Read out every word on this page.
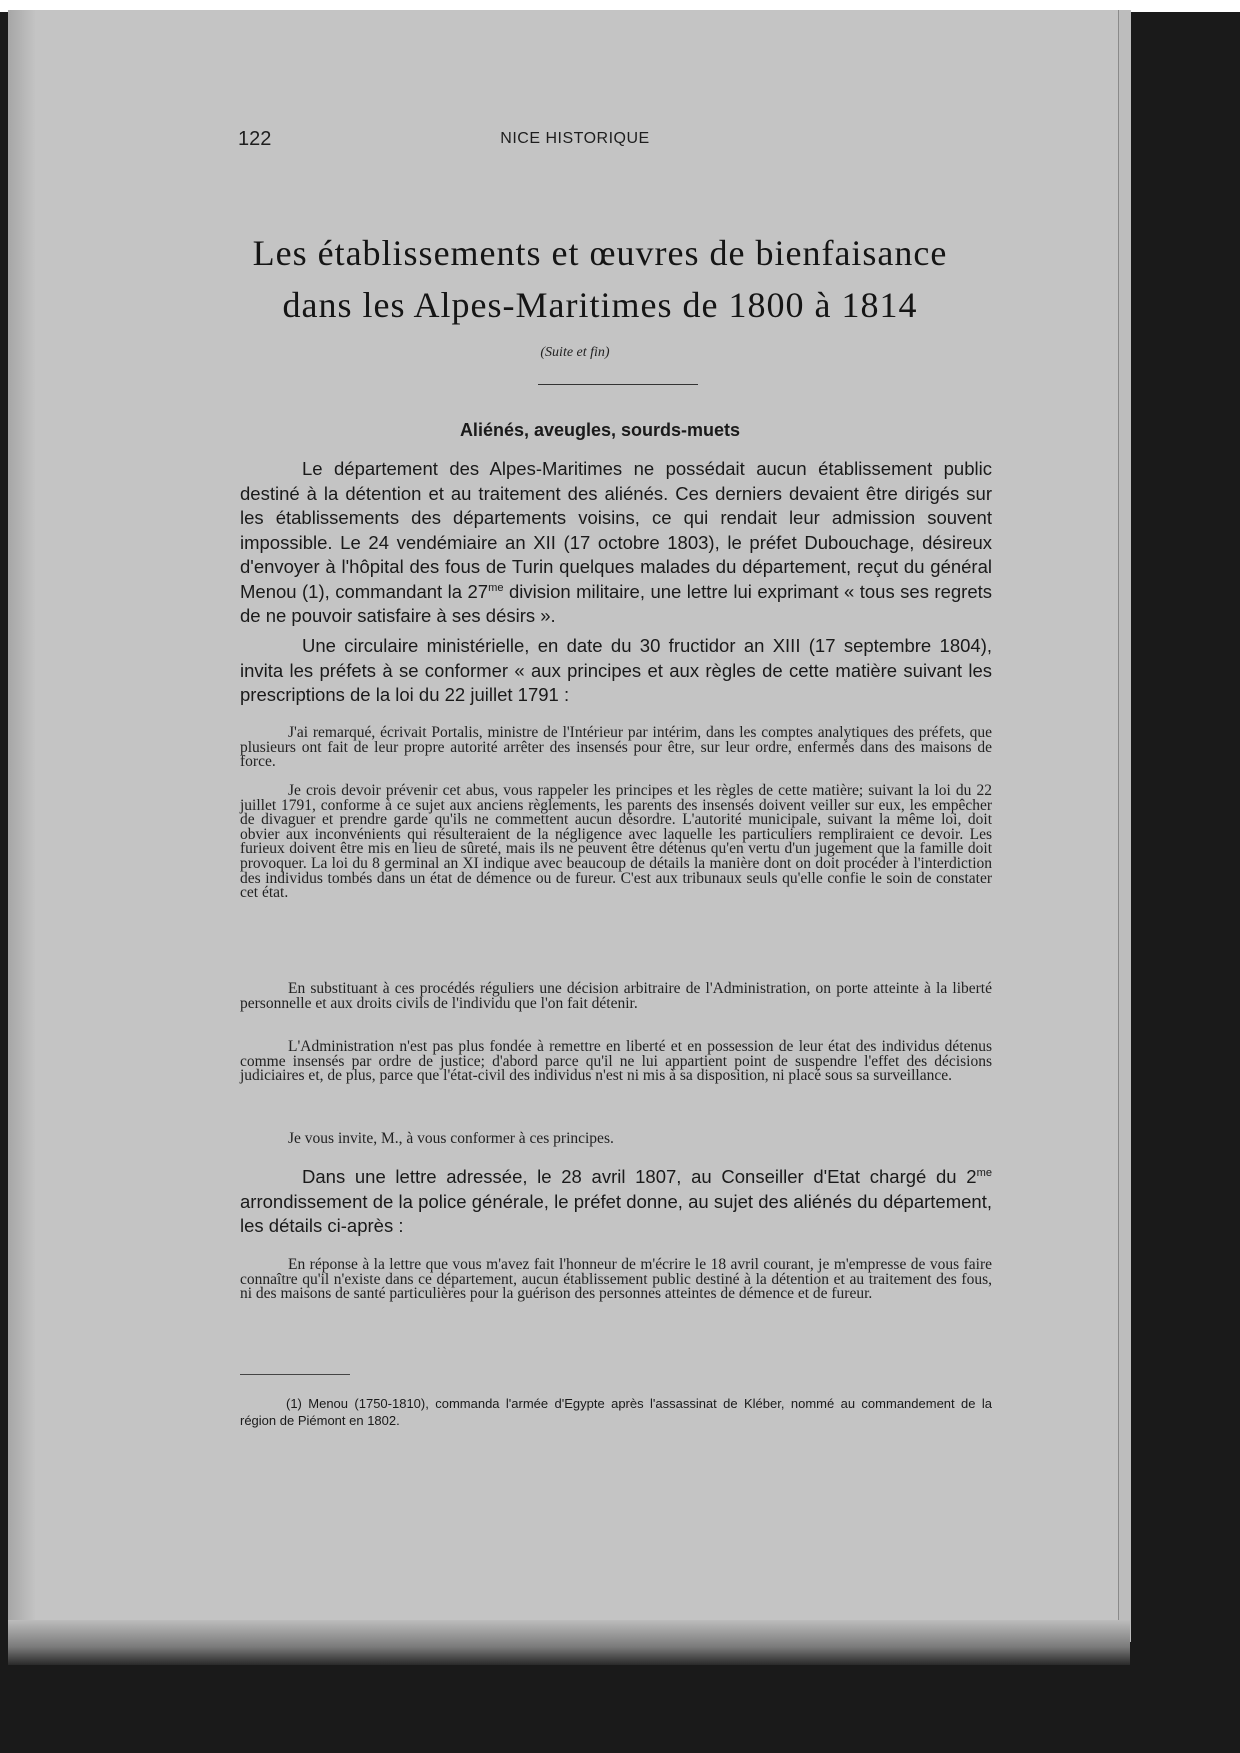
122	NICE HISTORIQUE
Les établissements et œuvres de bienfaisance
dans les Alpes-Maritimes de 1800 à 1814
(Suite et fin)
Aliénés, aveugles, sourds-muets

Le département des Alpes-Maritimes ne possédait aucun établissement public destiné à la détention et au traitement des aliénés. Ces derniers devaient être dirigés sur les établissements des départements voisins, ce qui rendait leur admission souvent impossible. Le 24 vendémiaire an XII (17 octobre 1803), le préfet Dubouchage, désireux d'envoyer à l'hôpital des fous de Turin quelques malades du département, reçut du général Menou (1), commandant la $27^{me}$ division militaire, une lettre lui exprimant « tous ses regrets de ne pouvoir satisfaire à ses désirs ».

Une circulaire ministérielle, en date du 30 fructidor an XIII (17 septembre 1804), invita les préfets à se conformer « aux principes et aux règles de cette matière suivant les prescriptions de la loi du 22 juillet 1791 :

J'ai remarqué, écrivait Portalis, ministre de l'Intérieur par intérim, dans les comptes analytiques des préfets, que plusieurs ont fait de leur propre autorité arrêter des insensés pour être, sur leur ordre, enfermés dans des maisons de force.

Je crois devoir prévenir cet abus, vous rappeler les principes et les règles de cette matière; suivant la loi du 22 juillet 1791, conforme à ce sujet aux anciens règlements, les parents des insensés doivent veiller sur eux, les empêcher de divaguer et prendre garde qu'ils ne commettent aucun désordre. L'autorité municipale, suivant la même loi, doit obvier aux inconvénients qui résulteraient de la négligence avec laquelle les particuliers rempliraient ce devoir. Les furieux doivent être mis en lieu de sûreté, mais ils ne peuvent être détenus qu'en vertu d'un jugement que la famille doit provoquer. La loi du 8 germinal an XI indique avec beaucoup de détails la manière dont on doit procéder à l'interdiction des individus tombés dans un état de démence ou de fureur. C'est aux tribunaux seuls qu'elle confie le soin de constater cet état.

En substituant à ces procédés réguliers une décision arbitraire de l'Administration, on porte atteinte à la liberté personnelle et aux droits civils de l'individu que l'on fait détenir.

L'Administration n'est pas plus fondée à remettre en liberté et en possession de leur état des individus détenus comme insensés par ordre de justice; d'abord parce qu'il ne lui appartient point de suspendre l'effet des décisions judiciaires et, de plus, parce que l'état-civil des individus n'est ni mis à sa disposition, ni placé sous sa surveillance.

Je vous invite, M., à vous conformer à ces principes.

Dans une lettre adressée, le 28 avril 1807, au Conseiller d'Etat chargé du $2^{me}$ arrondissement de la police générale, le préfet donne, au sujet des aliénés du département, les détails ci-après :

En réponse à la lettre que vous m'avez fait l'honneur de m'écrire le 18 avril courant, je m'empresse de vous faire connaître qu'il n'existe dans ce département, aucun établissement public destiné à la détention et au traitement des fous, ni des maisons de santé particulières pour la guérison des personnes atteintes de démence et de fureur.

(1) Menou (1750-1810), commanda l'armée d'Egypte après l'assassinat de Kléber, nommé au commandement de la région de Piémont en 1802.
